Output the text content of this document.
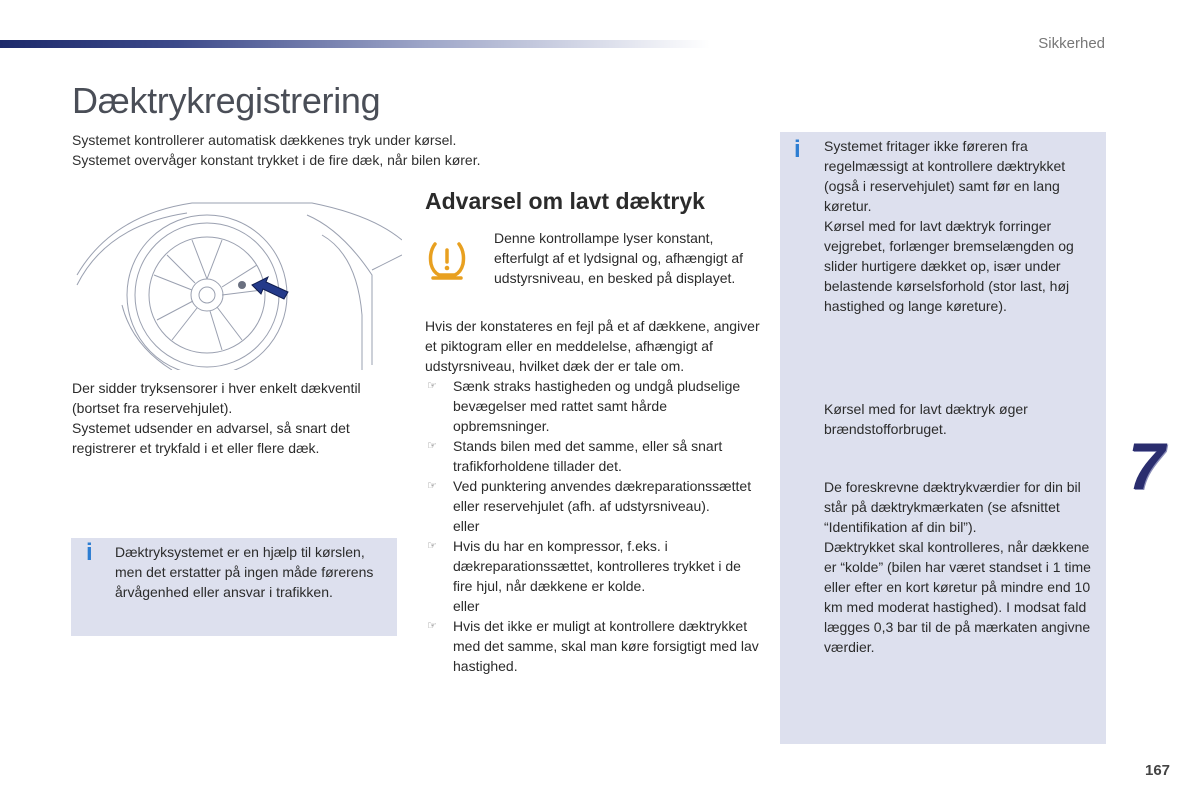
Sikkerhed
Dæktrykregistrering

Systemet kontrollerer automatisk dækkenes tryk under kørsel.

Systemet overvåger konstant trykket i de fire dæk, når bilen kører.

Der sidder tryksensorer i hver enkelt dækventil (bortset fra reservehjulet).

Systemet udsender en advarsel, så snart det registrerer et trykfald i et eller flere dæk.

i Dæktryksystemet er en hjælp til kørslen, men det erstatter på ingen måde førerens årvågenhed eller ansvar i trafikken.
Advarsel om lavt dæktryk
Denne kontrollampe lyser konstant, efterfulgt af et lydsignal og, afhængigt af udstyrsniveau, en besked på displayet.

Hvis der konstateres en fejl på et af dækkene, angiver et piktogram eller en meddelelse, afhængigt af udstyrsniveau, hvilket dæk der er tale om.

☞ Sænk straks hastigheden og undgå pludselige bevægelser med rattet samt hårde opbremsninger.
☞ Stands bilen med det samme, eller så snart trafikforholdene tillader det.
☞ Ved punktering anvendes dækreparationssættet eller reservehjulet (afh. af udstyrsniveau).
eller
☞ Hvis du har en kompressor, f.eks. i dækreparationssættet, kontrolleres trykket i de fire hjul, når dækkene er kolde.
eller
☞ Hvis det ikke er muligt at kontrollere dæktrykket med det samme, skal man køre forsigtigt med lav hastighed.
i Systemet fritager ikke føreren fra regelmæssigt at kontrollere dæktrykket (også i reservehjulet) samt før en lang køretur.

Kørsel med for lavt dæktryk forringer vejgrebet, forlænger bremselængden og slider hurtigere dækket op, især under belastende kørselsforhold (stor last, høj hastighed og lange køreture).

Kørsel med for lavt dæktryk øger brændstofforbruget.

De foreskrevne dæktrykværdier for din bil står på dæktrykmærkaten (se afsnittet “Identifikation af din bil”).

Dæktrykket skal kontrolleres, når dækkene er “kolde” (bilen har været standset i 1 time eller efter en kort køretur på mindre end 10 km med moderat hastighed). I modsat fald lægges 0,3 bar til de på mærkaten angivne værdier.

7
167
